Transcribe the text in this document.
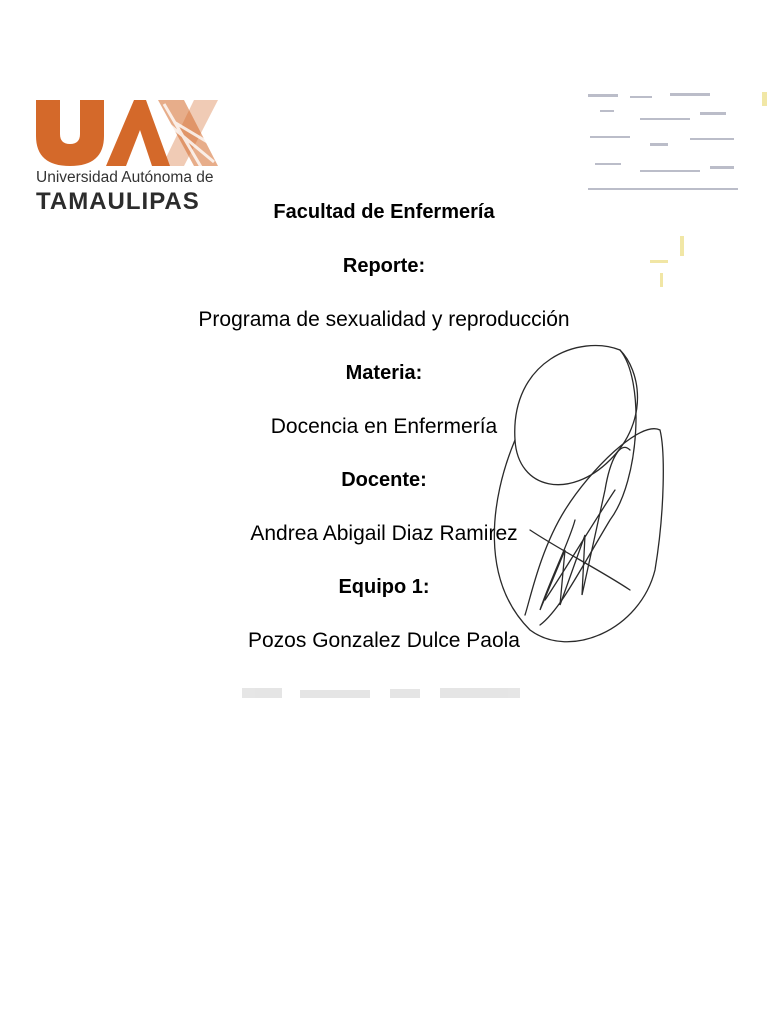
Universidad Autónoma de
TAMAULIPAS	Facultad de Enfermería
Reporte:
Programa de sexualidad y reproducción
Materia:
Docencia en Enfermería
Docente:
Andrea Abigail Diaz Ramirez
Equipo 1:
Pozos Gonzalez Dulce Paola
